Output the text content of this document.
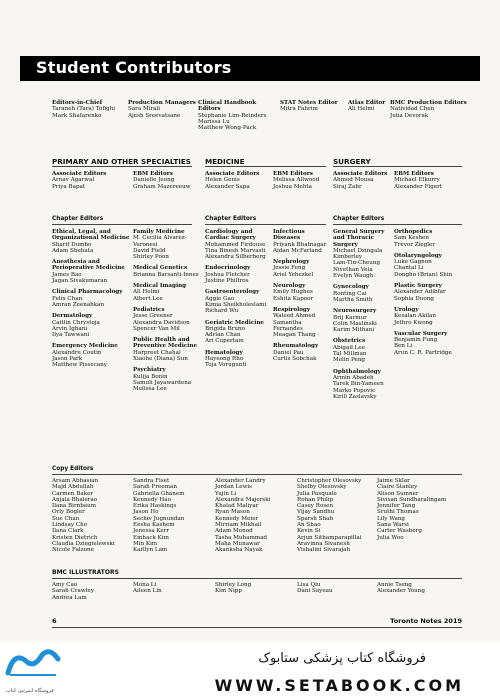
Student Contributors
Editors-in-Chief
Taraneh (Tara) Tofighi
Mark Shafarenko
Production Managers
Sara Mirali
Ajesh Sreevatsane
Clinical Handbook Editors
Stephanie Lim-Reinders
Marissa Lu
Matthew Wong-Pack
STAT Notes Editor
Mitra Fahrim
Atlas Editor
Ali Helmi
BMC Production Editors
Natividad Chen
Julia Devorak
PRIMARY AND OTHER SPECIALTIES MEDICINE	SURGERY
Associate Editors
Arnav Agarwal
Priya Bapat
EBM Editors
Danielle Jeong
Graham Mazereeuw
Associate Editors
Helen Genis
Alexander Sapa
EBM Editors
Melissa Allwood
Joshua Mehta
Associate Editors
Ahmed Mousa
Siraj Zahr
EBM Editors
Michael Elkurry
Alexander Figert
Chapter Editors	Chapter Editors	Chapter Editors
Ethical, Legal, and Organizational Medicine
Sharif Dumbo
Adam Shehata
Anesthesia and Perioperative Medicine
James Bao
Jagan Sivakumaran
Clinical Pharmacology
Felix Chan
Amran Zeenahkan
Dermatology
Caitlin Chrystoja
Arvin Ighani
Ilya Tawwani
Emergency Medicine
Alexandre Coutin
Jason Park
Matthew Pissecany
Family Medicine
M. Cecilia Alvarez-Veronesi
David Field
Shirley Poon
Medical Genetics
Brianna Barsanti-Innes
Medical Imaging
Ali Helmi
Albert Lee
Pediatrics
Jesse Greener
Alexandra Davidson
Spencer Van Mil
Public Health and Preventive Medicine
Harpreet Chahal
Xiaohe (Diana) Sun
Psychiatry
Kulija Bonin
Samuli Jayawardena
Melissa Lee
Cardiology and Cardiac Surgery
Mohammed Firdouse
Tina Binesh Marvasti
Alexandra Silberberg
Endocrinology
Joshua Fletcher
Justine Philtros
Gastroenterology
Aggie Gao
Kimia Sheikholeslami
Richard Wu
Geriatric Medicine
Brigida Bruno
Adrian Chan
Ari Cupertain
Hematology
Hayeong Rho
Toja Vorugunti
Infectious Diseases
Priyank Bhatnagar
Aidan McFarland
Nephrology
Jessie Feng
Ariel Yehezkel
Neurology
Emily Hughes
Eshita Kapoor
Respirology
Waleed Ahmed
Samantha Fernandes
Meagan Thang
Rheumatology
Daniel Pau
Curtis Sobchak
General Surgery and Thoracic Surgery
Michael Dzingala
Kimberley
Lam-Tin-Cheung
Nivethan Vela
Evelyn Waugh
Gynecology
Ronting Cai
Martha Smith
Neurosurgery
Brij Karmur
Colin Maslinski
Karim Mithani
Obstetrics
Abigail Lee
Tal Millman
Melin Peng
Ophthalmology
Armin Abadeh
Tarek Bin-Yameen
Marko Popovic
Kirill Zaslavsky
Orthopedics
Sam Keshen
Trevor Ziegler
Otolaryngology
Luke Gagnon
Chantal Li
Dongho (Brian) Shin
Plastic Surgery
Alexander Adibfar
Sophia Duong
Urology
Kesalan Akilan
Jethro Kwong
Vascular Surgery
Benjamin Fung
Ben Li
Arun C. R. Partridge
Copy Editors
Arsam Abbasian
Majd Abdullah
Carmen Baker
Anjala Bhalerao
Ilana Birnbaum
Orly Bogler
Sue Chan
Lindsay Cho
Ilana Clark
Kristen Dietrich
Claudia Dziegielewski
Nicole Falzone
Sandra Fiset
Sarah Freeman
Gabriella Ghanem
Kennedy Hao
Erika Haskings
Jason Ho
Sechiv Jugnundan
Eesha Kashem
Jenessa Kerr
Emhack Kim
Min Kim
Kaitlyn Lam
Alexander Landry
Jordan Lewis
Yujin Li
Alexandra Majerski
Khalad Maliyar
Ryan Mason
Kennedy Meier
Mirriam Mikhail
Adam Monod
Tasha Muhammad
Maha Munawar
Akanksha Nayak
Christopher Olesovsky
Shelby Olesovsky
Julia Pasquale
Rohan Philip
Casey Rosen
Vijay Sandhu
Sparsh Shah
An Shao
Kevin Si
Arjun Sithamparapillai
Aravinna Sivanesh
Vishalini Sivarajah
Jaime Sklar
Claire Stanley
Alison Sumner
Sivisan Sundharalingam
Jennifer Tang
Sruthi Thomas
Lily Wang
Sana Warsi
Carter Wasberg
Julia Woo
BMC ILLUSTRATORS
Amy Cao
Sarah Crawley
Andrea Lam
Mona Li
Aileen Lin
Shirley Long
Kim Nipp
Lisa Qiu
Dani Sayeau
Annie Tseng
Alexander Young
6	Toronto Notes 2019
فروشگاه اینترنتی کتاب
فروشگاه کتاب پزشکی ستابوک
WWW.SETABOOK.COM
